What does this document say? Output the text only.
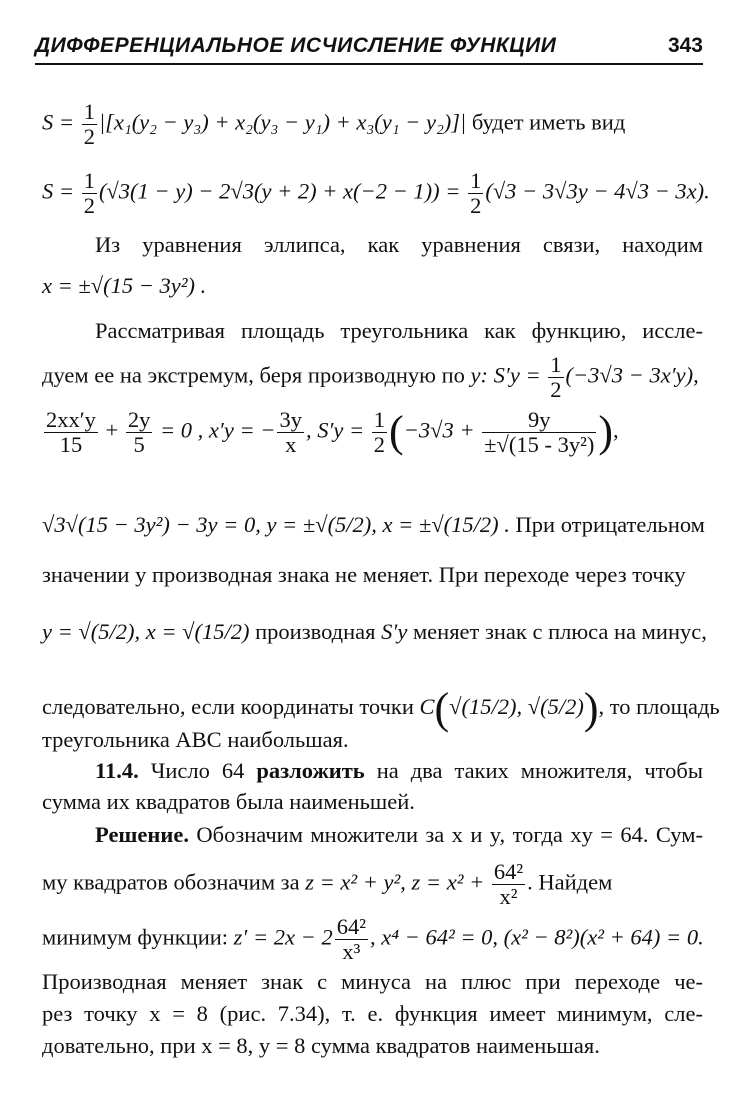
ДИФФЕРЕНЦИАЛЬНОЕ ИСЧИСЛЕНИЕ ФУНКЦИИ	343
$S = \frac{1}{2} |[x_1(y_2 - y_3) + x_2(y_3 - y_1) + x_3(y_1 - y_2)]|$ будет иметь вид
$S = \frac{1}{2} (√3(1 - y) - 2√3(y + 2) + x(-2 - 1)) = \frac{1}{2} (√3 - 3√3y - 4√3 - 3x)$.
Из уравнения эллипса, как уравнения связи, находим
x = ±√(15 − 3y²) .
Рассматривая площадь треугольника как функцию, иссле-
дуем ее на экстремум, беря производную по y: $S'y = \frac{1}{2} (-3√3 - 3x'y)$,
$\frac{2xx'y}{15} + \frac{2y}{5} = 0$ , x′y = − $\frac{3y}{x}$ , $S'y = \frac{1}{2} (-3√3 + \frac{9y}{\text{±√(15 - 3y²)}}$ ),
√3√(15 − 3y²) − 3y = 0, y = ±√(5/2), x = ±√(15/2) . При отрицательном
значении y производная знака не меняет. При переходе через точку
y = √(5/2), x = √(15/2) производная S′y меняет знак с плюса на минус,
следовательно, если координаты точки C(√(15/2), √(5/2)), то площадь
треугольника ABC наибольшая.
11.4. Число 64 разложить на два таких множителя, чтобы
сумма их квадратов была наименьшей.
Решение. Обозначим множители за x и y, тогда xy = 64. Сум-
му квадратов обозначим за z = x² + y², $z = x^2 + \frac{\text{64²}}{\text{x²}}$ . Найдем
минимум функции: $z' = 2x - 2 \frac{\text{64²}}{\text{x³}}$ , x⁴ − 64² = 0, (x² − 8²)(x² + 64) = 0.
Производная меняет знак с минуса на плюс при переходе че-
рез точку x = 8 (рис. 7.34), т. е. функция имеет минимум, сле-
довательно, при x = 8, y = 8 сумма квадратов наименьшая.
